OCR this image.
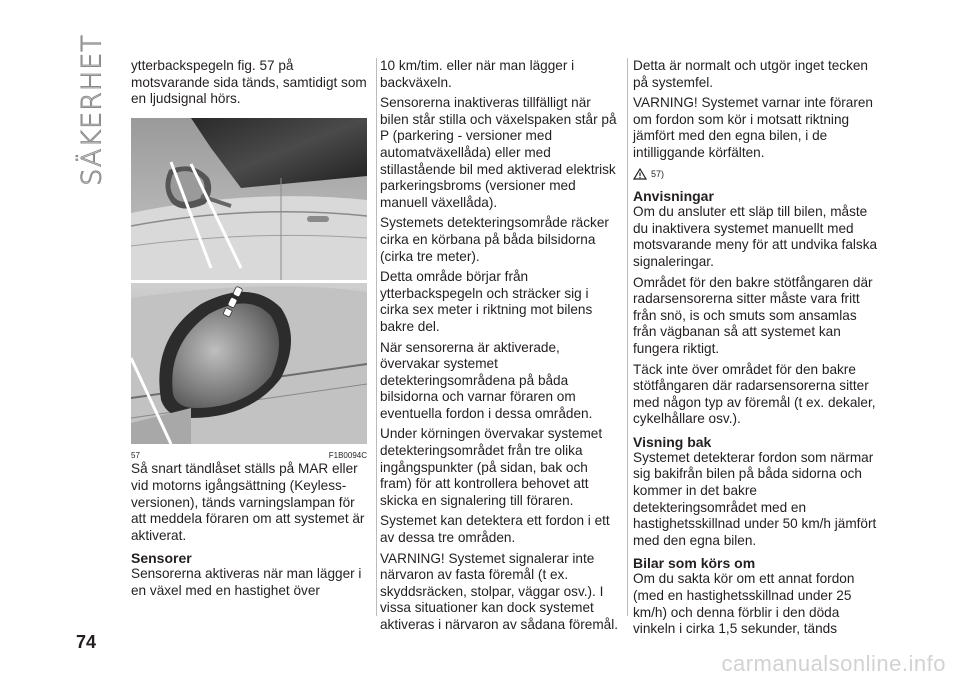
SÄKERHET ytterbackspegeln fig. 57 på motsvarande sida tänds, samtidigt som en ljudsignal hörs.

57	F1B0094C

Så snart tändlåset ställs på MAR eller vid motorns igångsättning (Keyless-versionen), tänds varningslampan för att meddela föraren om att systemet är aktiverat.

Sensorer

Sensorerna aktiveras när man lägger i en växel med en hastighet över

10 km/tim. eller när man lägger i backväxeln.

Sensorerna inaktiveras tillfälligt när bilen står stilla och växelspaken står på P (parkering - versioner med automatväxellåda) eller med stillastående bil med aktiverad elektrisk parkeringsbroms (versioner med manuell växellåda).

Systemets detekteringsområde räcker cirka en körbana på båda bilsidorna (cirka tre meter).

Detta område börjar från ytterbackspegeln och sträcker sig i cirka sex meter i riktning mot bilens bakre del.

När sensorerna är aktiverade, övervakar systemet detekteringsområdena på båda bilsidorna och varnar föraren om eventuella fordon i dessa områden.

Under körningen övervakar systemet detekteringsområdet från tre olika ingångspunkter (på sidan, bak och fram) för att kontrollera behovet att skicka en signalering till föraren.

Systemet kan detektera ett fordon i ett av dessa tre områden.

VARNING! Systemet signalerar inte närvaron av fasta föremål (t ex. skyddsräcken, stolpar, väggar osv.). I vissa situationer kan dock systemet aktiveras i närvaron av sådana föremål.

Detta är normalt och utgör inget tecken på systemfel.

VARNING! Systemet varnar inte föraren om fordon som kör i motsatt riktning jämfört med den egna bilen, i de intilliggande körfälten.

57)
Anvisningar

Om du ansluter ett släp till bilen, måste du inaktivera systemet manuellt med motsvarande meny för att undvika falska signaleringar.

Området för den bakre stötfångaren där radarsensorerna sitter måste vara fritt från snö, is och smuts som ansamlas från vägbanan så att systemet kan fungera riktigt.

Täck inte över området för den bakre stötfångaren där radarsensorerna sitter med någon typ av föremål (t ex. dekaler, cykelhållare osv.).

Visning bak

Systemet detekterar fordon som närmar sig bakifrån bilen på båda sidorna och kommer in det bakre detekteringsområdet med en hastighetsskillnad under 50 km/h jämfört med den egna bilen.

Bilar som körs om

Om du sakta kör om ett annat fordon (med en hastighetsskillnad under 25 km/h) och denna förblir i den döda vinkeln i cirka 1,5 sekunder, tänds

74
carmanualsonline.info
